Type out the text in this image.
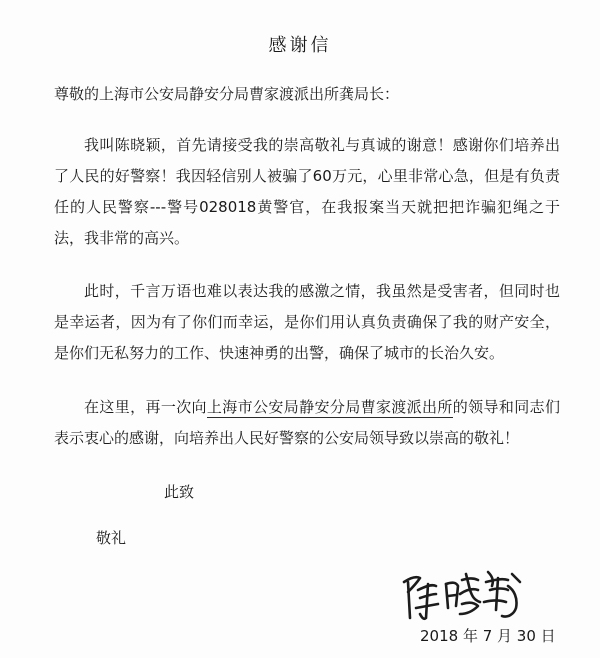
感谢信
尊敬的上海市公安局静安分局曹家渡派出所龚局长：

我叫陈晓颖，首先请接受我的崇高敬礼与真诚的谢意！感谢你们培养出了人民的好警察！我因轻信别人被骗了60万元，心里非常心急，但是有负责任的人民警察---警号028018黄警官，在我报案当天就把把诈骗犯绳之于法，我非常的高兴。

此时，千言万语也难以表达我的感激之情，我虽然是受害者，但同时也是幸运者，因为有了你们而幸运，是你们用认真负责确保了我的财产安全，是你们无私努力的工作、快速神勇的出警，确保了城市的长治久安。

在这里，再一次向上海市公安局静安分局曹家渡派出所的领导和同志们表示衷心的感谢，向培养出人民好警察的公安局领导致以崇高的敬礼！

此致
敬礼
2018 年 7 月 30 日
